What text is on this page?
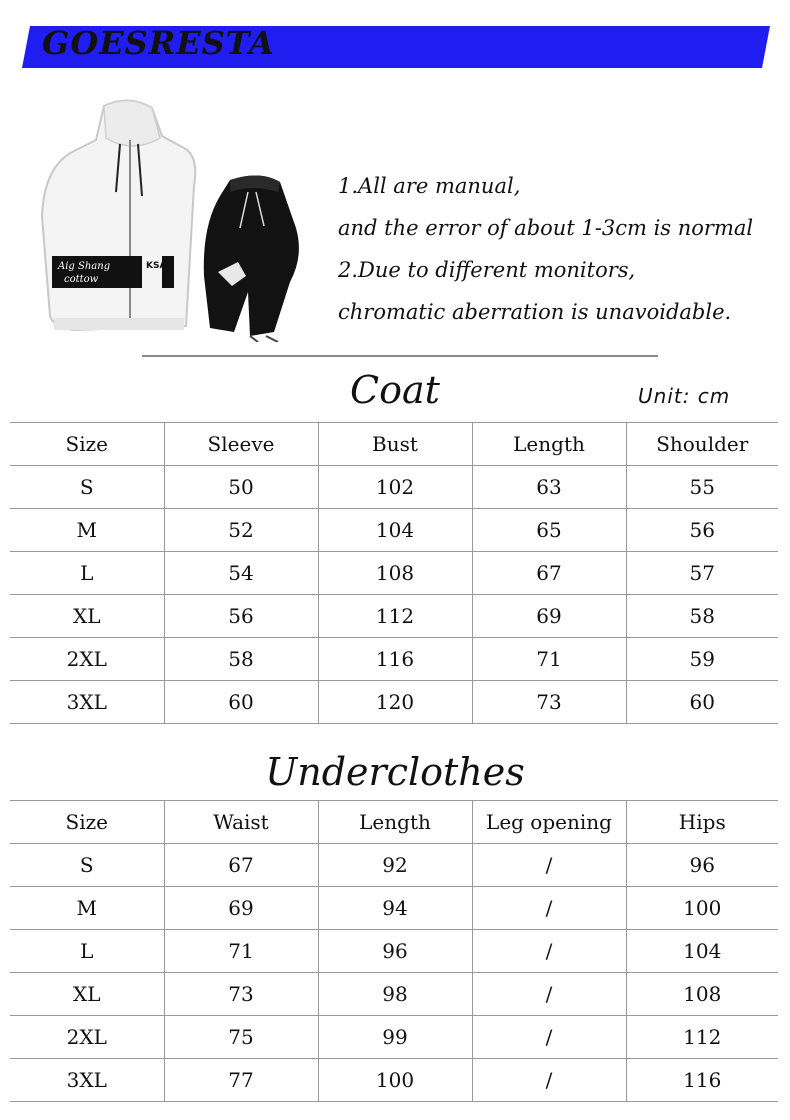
GOESRESTA
Aig Shang
cottow
KSA
1.All are manual,
and the error of about 1-3cm is normal
2.Due to different monitors,
chromatic aberration is unavoidable.
Coat	Unit: cm
Size	Sleeve	Bust	Length	Shoulder
S	50	102	63	55
M	52	104	65	56
L	54	108	67	57
XL	56	112	69	58
2XL	58	116	71	59
3XL	60	120	73	60
Underclothes
Size	Waist	Length	Leg opening	Hips
S	67	92	/	96
M	69	94	/	100
L	71	96	/	104
XL	73	98	/	108
2XL	75	99	/	112
3XL	77	100	/	116
